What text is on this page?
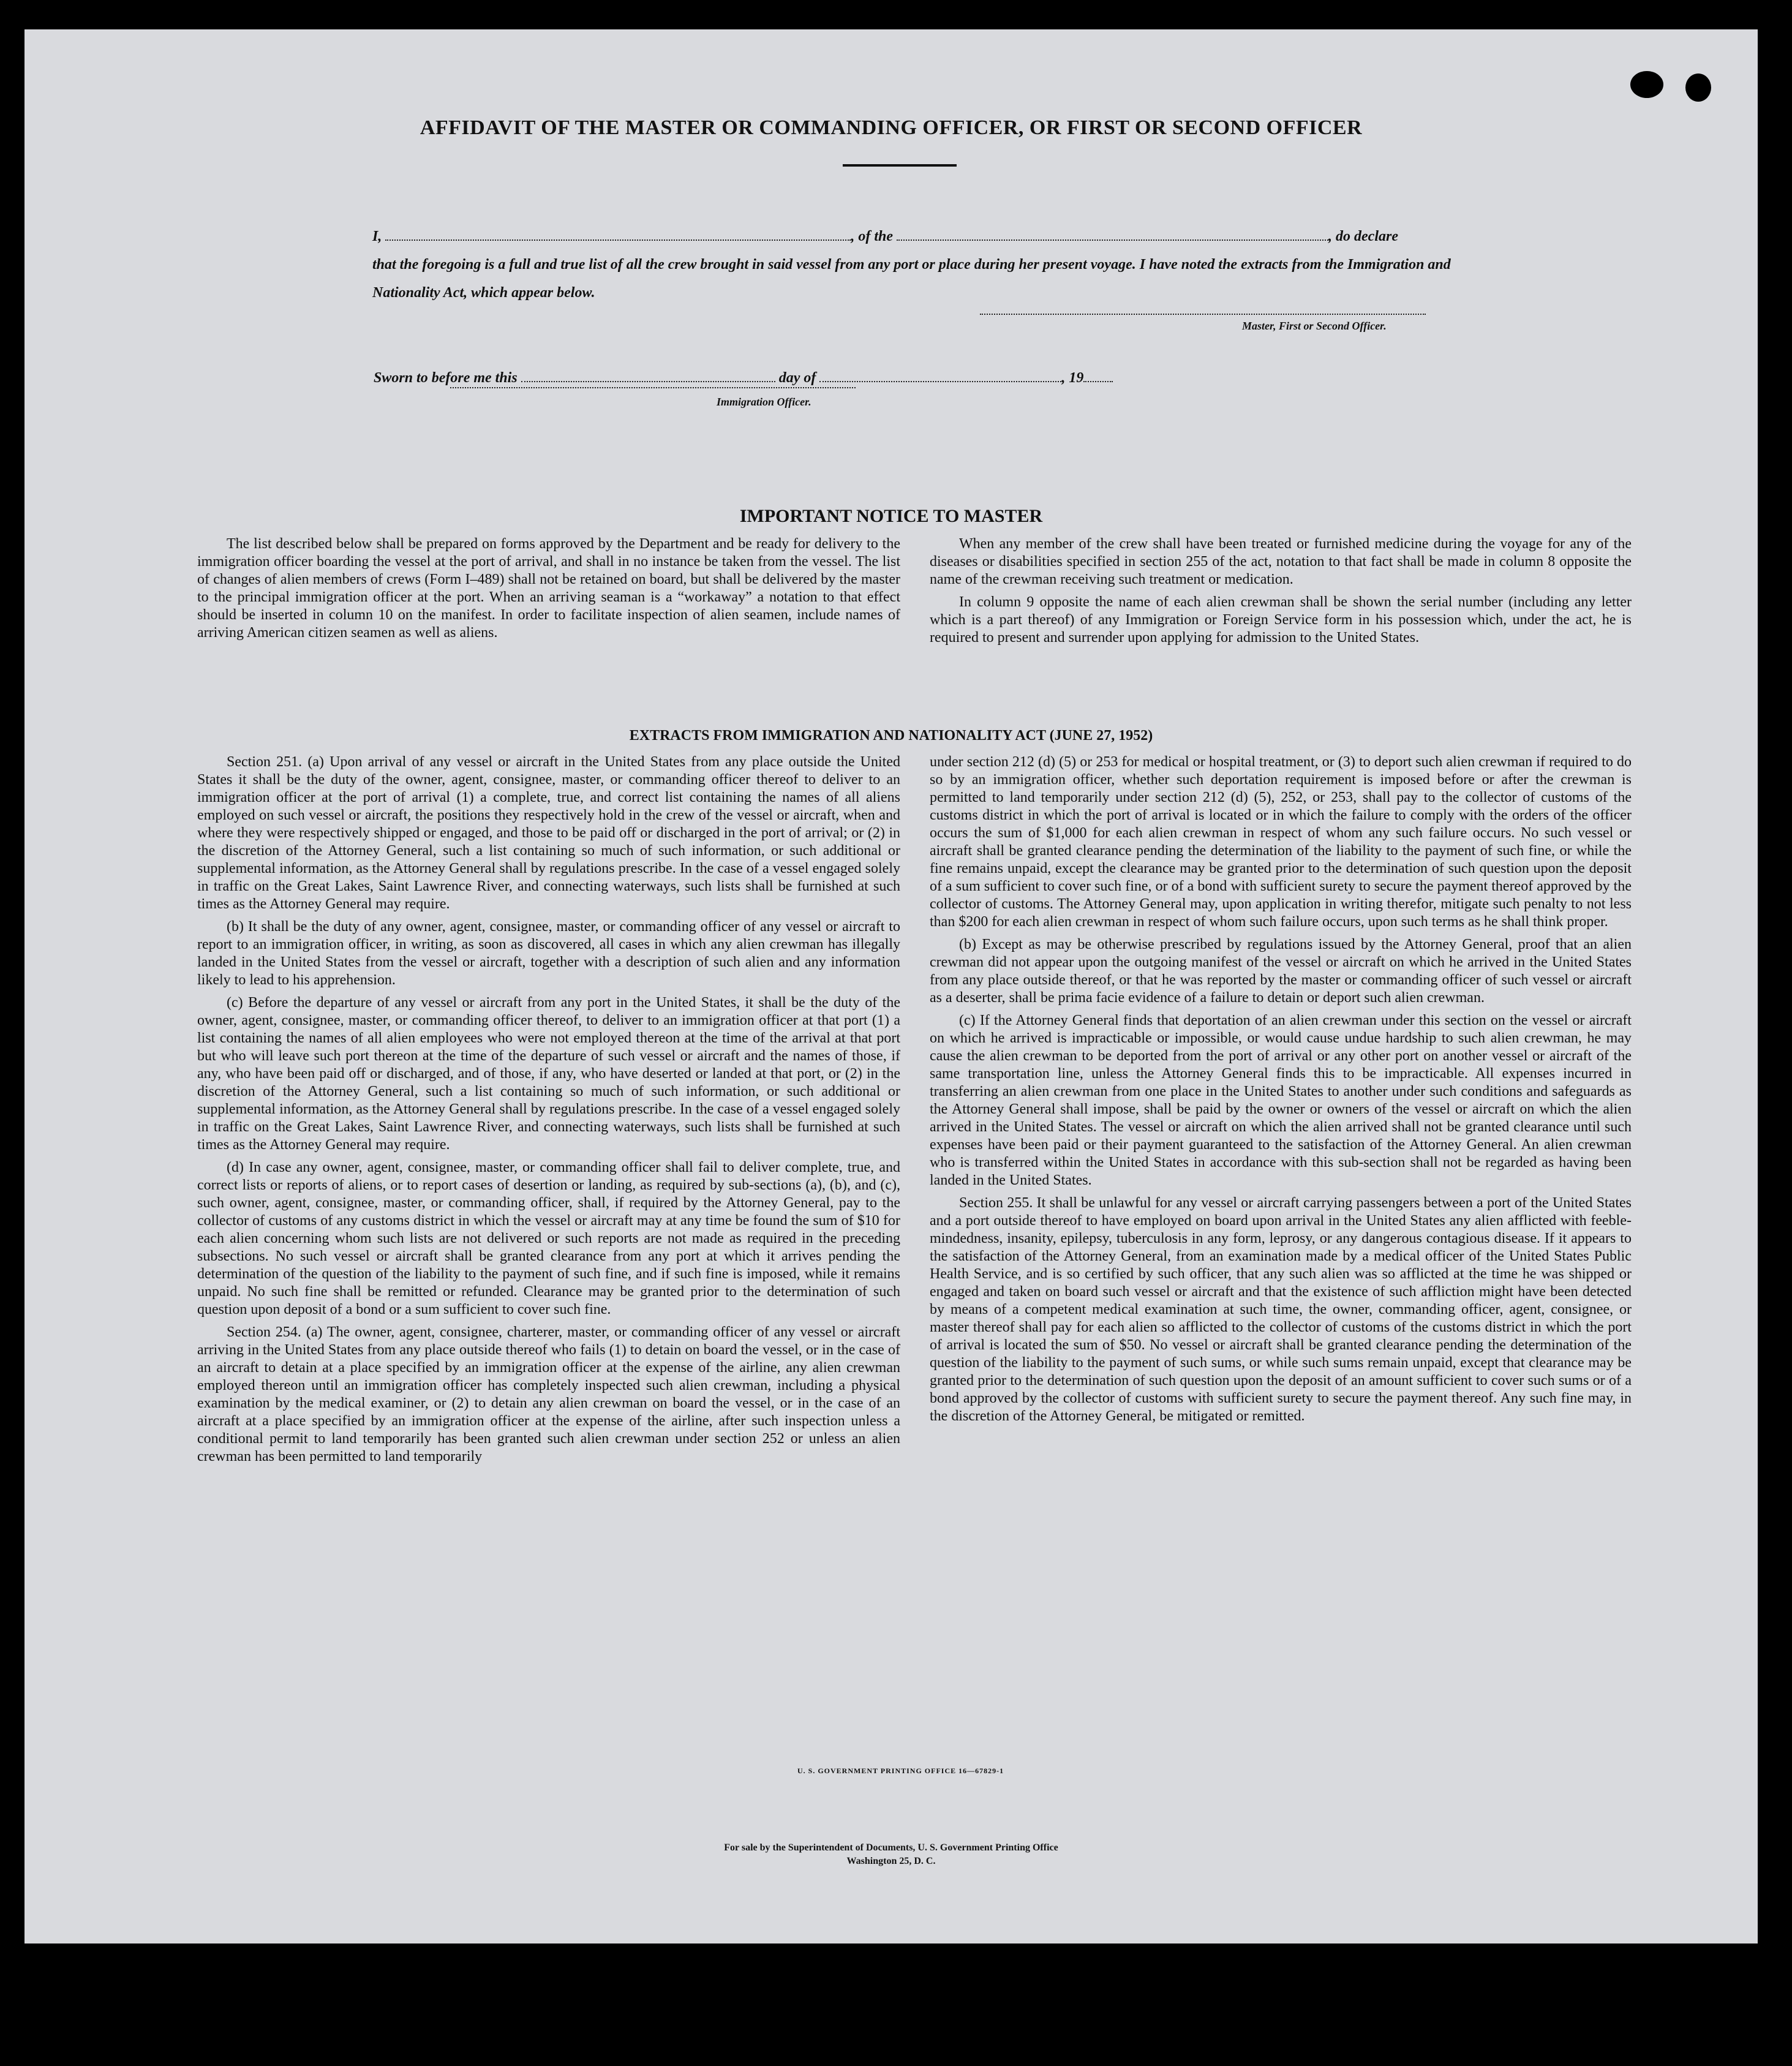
AFFIDAVIT OF THE MASTER OR COMMANDING OFFICER, OR FIRST OR SECOND OFFICER
I,	, of the	, do declare
that the foregoing is a full and true list of all the crew brought in said vessel from any port or place during her present voyage. I have noted the extracts from the Immigration and Nationality Act, which appear below.
Master, First or Second Officer.
Sworn to before me this	day of	, 19
Immigration Officer.
IMPORTANT NOTICE TO MASTER

The list described below shall be prepared on forms approved by the Department and be ready for delivery to the immigration officer boarding the vessel at the port of arrival, and shall in no instance be taken from the vessel. The list of changes of alien members of crews (Form I–489) shall not be retained on board, but shall be delivered by the master to the principal immigration officer at the port. When an arriving seaman is a “workaway” a notation to that effect should be inserted in column 10 on the manifest. In order to facilitate inspection of alien seamen, include names of arriving American citizen seamen as well as aliens.

When any member of the crew shall have been treated or furnished medicine during the voyage for any of the diseases or disabilities specified in section 255 of the act, notation to that fact shall be made in column 8 opposite the name of the crewman receiving such treatment or medication.

In column 9 opposite the name of each alien crewman shall be shown the serial number (including any letter which is a part thereof) of any Immigration or Foreign Service form in his possession which, under the act, he is required to present and surrender upon applying for admission to the United States.

EXTRACTS FROM IMMIGRATION AND NATIONALITY ACT (JUNE 27, 1952)

Section 251. (a) Upon arrival of any vessel or aircraft in the United States from any place outside the United States it shall be the duty of the owner, agent, consignee, master, or commanding officer thereof to deliver to an immigration officer at the port of arrival (1) a complete, true, and correct list containing the names of all aliens employed on such vessel or aircraft, the positions they respectively hold in the crew of the vessel or aircraft, when and where they were respectively shipped or engaged, and those to be paid off or discharged in the port of arrival; or (2) in the discretion of the Attorney General, such a list containing so much of such information, or such additional or supplemental information, as the Attorney General shall by regulations prescribe. In the case of a vessel engaged solely in traffic on the Great Lakes, Saint Lawrence River, and connecting waterways, such lists shall be furnished at such times as the Attorney General may require.

(b) It shall be the duty of any owner, agent, consignee, master, or commanding officer of any vessel or aircraft to report to an immigration officer, in writing, as soon as discovered, all cases in which any alien crewman has illegally landed in the United States from the vessel or aircraft, together with a description of such alien and any information likely to lead to his apprehension.

(c) Before the departure of any vessel or aircraft from any port in the United States, it shall be the duty of the owner, agent, consignee, master, or commanding officer thereof, to deliver to an immigration officer at that port (1) a list containing the names of all alien employees who were not employed thereon at the time of the arrival at that port but who will leave such port thereon at the time of the departure of such vessel or aircraft and the names of those, if any, who have been paid off or discharged, and of those, if any, who have deserted or landed at that port, or (2) in the discretion of the Attorney General, such a list containing so much of such information, or such additional or supplemental information, as the Attorney General shall by regulations prescribe. In the case of a vessel engaged solely in traffic on the Great Lakes, Saint Lawrence River, and connecting waterways, such lists shall be furnished at such times as the Attorney General may require.

(d) In case any owner, agent, consignee, master, or commanding officer shall fail to deliver complete, true, and correct lists or reports of aliens, or to report cases of desertion or landing, as required by sub-sections (a), (b), and (c), such owner, agent, consignee, master, or commanding officer, shall, if required by the Attorney General, pay to the collector of customs of any customs district in which the vessel or aircraft may at any time be found the sum of $10 for each alien concerning whom such lists are not delivered or such reports are not made as required in the preceding subsections. No such vessel or aircraft shall be granted clearance from any port at which it arrives pending the determination of the question of the liability to the payment of such fine, and if such fine is imposed, while it remains unpaid. No such fine shall be remitted or refunded. Clearance may be granted prior to the determination of such question upon deposit of a bond or a sum sufficient to cover such fine.

Section 254. (a) The owner, agent, consignee, charterer, master, or commanding officer of any vessel or aircraft arriving in the United States from any place outside thereof who fails (1) to detain on board the vessel, or in the case of an aircraft to detain at a place specified by an immigration officer at the expense of the airline, any alien crewman employed thereon until an immigration officer has completely inspected such alien crewman, including a physical examination by the medical examiner, or (2) to detain any alien crewman on board the vessel, or in the case of an aircraft at a place specified by an immigration officer at the expense of the airline, after such inspection unless a conditional permit to land temporarily has been granted such alien crewman under section 252 or unless an alien crewman has been permitted to land temporarily

under section 212 (d) (5) or 253 for medical or hospital treatment, or (3) to deport such alien crewman if required to do so by an immigration officer, whether such deportation requirement is imposed before or after the crewman is permitted to land temporarily under section 212 (d) (5), 252, or 253, shall pay to the collector of customs of the customs district in which the port of arrival is located or in which the failure to comply with the orders of the officer occurs the sum of $1,000 for each alien crewman in respect of whom any such failure occurs. No such vessel or aircraft shall be granted clearance pending the determination of the liability to the payment of such fine, or while the fine remains unpaid, except the clearance may be granted prior to the determination of such question upon the deposit of a sum sufficient to cover such fine, or of a bond with sufficient surety to secure the payment thereof approved by the collector of customs. The Attorney General may, upon application in writing therefor, mitigate such penalty to not less than $200 for each alien crewman in respect of whom such failure occurs, upon such terms as he shall think proper.

(b) Except as may be otherwise prescribed by regulations issued by the Attorney General, proof that an alien crewman did not appear upon the outgoing manifest of the vessel or aircraft on which he arrived in the United States from any place outside thereof, or that he was reported by the master or commanding officer of such vessel or aircraft as a deserter, shall be prima facie evidence of a failure to detain or deport such alien crewman.

(c) If the Attorney General finds that deportation of an alien crewman under this section on the vessel or aircraft on which he arrived is impracticable or impossible, or would cause undue hardship to such alien crewman, he may cause the alien crewman to be deported from the port of arrival or any other port on another vessel or aircraft of the same transportation line, unless the Attorney General finds this to be impracticable. All expenses incurred in transferring an alien crewman from one place in the United States to another under such conditions and safeguards as the Attorney General shall impose, shall be paid by the owner or owners of the vessel or aircraft on which the alien arrived in the United States. The vessel or aircraft on which the alien arrived shall not be granted clearance until such expenses have been paid or their payment guaranteed to the satisfaction of the Attorney General. An alien crewman who is transferred within the United States in accordance with this sub-section shall not be regarded as having been landed in the United States.

Section 255. It shall be unlawful for any vessel or aircraft carrying passengers between a port of the United States and a port outside thereof to have employed on board upon arrival in the United States any alien afflicted with feeble-mindedness, insanity, epilepsy, tuberculosis in any form, leprosy, or any dangerous contagious disease. If it appears to the satisfaction of the Attorney General, from an examination made by a medical officer of the United States Public Health Service, and is so certified by such officer, that any such alien was so afflicted at the time he was shipped or engaged and taken on board such vessel or aircraft and that the existence of such affliction might have been detected by means of a competent medical examination at such time, the owner, commanding officer, agent, consignee, or master thereof shall pay for each alien so afflicted to the collector of customs of the customs district in which the port of arrival is located the sum of $50. No vessel or aircraft shall be granted clearance pending the determination of the question of the liability to the payment of such sums, or while such sums remain unpaid, except that clearance may be granted prior to the determination of such question upon the deposit of an amount sufficient to cover such sums or of a bond approved by the collector of customs with sufficient surety to secure the payment thereof. Any such fine may, in the discretion of the Attorney General, be mitigated or remitted.

U. S. GOVERNMENT PRINTING OFFICE 16—67829-1
For sale by the Superintendent of Documents, U. S. Government Printing Office
Washington 25, D. C.
